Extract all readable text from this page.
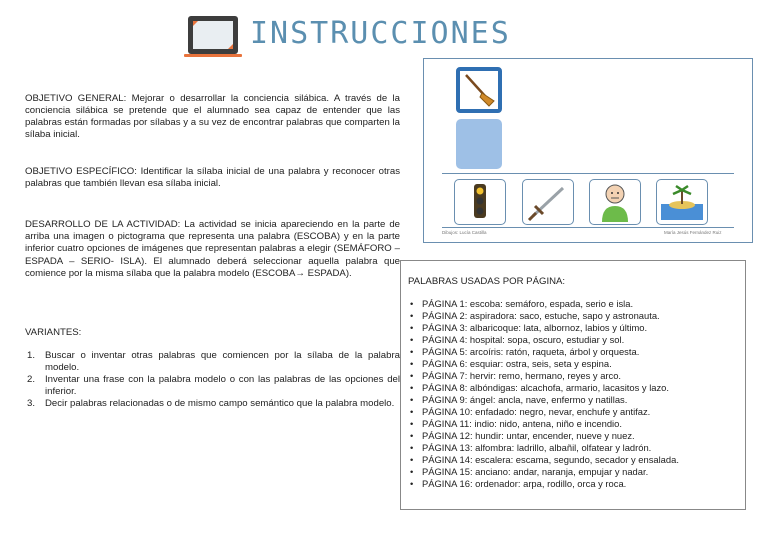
INSTRUCCIONES

OBJETIVO GENERAL: Mejorar o desarrollar la conciencia silábica. A través de la conciencia silábica se pretende que el alumnado sea capaz de entender que las palabras están formadas por sílabas y a su vez de encontrar palabras que comparten la sílaba inicial.

OBJETIVO ESPECÍFICO: Identificar la sílaba inicial de una palabra y reconocer otras palabras que también llevan esa sílaba inicial.

DESARROLLO DE LA ACTIVIDAD: La actividad se inicia apareciendo en la parte de arriba una imagen o pictograma que representa una palabra (ESCOBA) y en la parte inferior cuatro opciones de imágenes que representan palabras a elegir (SEMÁFORO – ESPADA – SERIO- ISLA). El alumnado deberá seleccionar aquella palabra que comience por la misma sílaba que la palabra modelo (ESCOBA→ ESPADA).

VARIANTES:
1. Buscar o inventar otras palabras que comiencen por la sílaba de la palabra modelo.
2. Inventar una frase con la palabra modelo o con las palabras de las opciones del inferior.
3. Decir palabras relacionadas o de mismo campo semántico que la palabra modelo.
Dibujos: Lucía Castilla	María Jesús Fernández Ruiz
PALABRAS USADAS POR PÁGINA:
• PÁGINA 1: escoba: semáforo, espada, serio e isla.
• PÁGINA 2: aspiradora: saco, estuche, sapo y astronauta.
• PÁGINA 3: albaricoque: lata, albornoz, labios y último.
• PÁGINA 4: hospital: sopa, oscuro, estudiar y sol.
• PÁGINA 5: arcoíris: ratón, raqueta, árbol y orquesta.
• PÁGINA 6: esquiar: ostra, seis, seta y espina.
• PÁGINA 7: hervir: remo, hermano, reyes y arco.
• PÁGINA 8: albóndigas: alcachofa, armario, lacasitos y lazo.
• PÁGINA 9: ángel: ancla, nave, enfermo y natillas.
• PÁGINA 10: enfadado: negro, nevar, enchufe y antifaz.
• PÁGINA 11: indio: nido, antena, niño e incendio.
• PÁGINA 12: hundir: untar, encender, nueve y nuez.
• PÁGINA 13: alfombra: ladrillo, albañil, olfatear y ladrón.
• PÁGINA 14: escalera: escama, segundo, secador y ensalada.
• PÁGINA 15: anciano: andar, naranja, empujar y nadar.
• PÁGINA 16: ordenador: arpa, rodillo, orca y roca.
